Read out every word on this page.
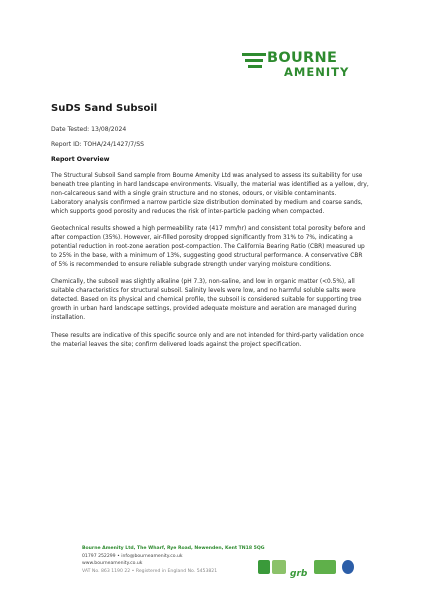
BOURNE
AMENITY
SuDS Sand Subsoil
Date Tested: 13/08/2024
Report ID: TOHA/24/1427/7/SS
Report Overview

The Structural Subsoil Sand sample from Bourne Amenity Ltd was analysed to assess its suitability for use beneath tree planting in hard landscape environments. Visually, the material was identified as a yellow, dry, non-calcareous sand with a single grain structure and no stones, odours, or visible contaminants. Laboratory analysis confirmed a narrow particle size distribution dominated by medium and coarse sands, which supports good porosity and reduces the risk of inter-particle packing when compacted.

Geotechnical results showed a high permeability rate (417 mm/hr) and consistent total porosity before and after compaction (35%). However, air-filled porosity dropped significantly from 31% to 7%, indicating a potential reduction in root-zone aeration post-compaction. The California Bearing Ratio (CBR) measured up to 25% in the base, with a minimum of 13%, suggesting good structural performance. A conservative CBR of 5% is recommended to ensure reliable subgrade strength under varying moisture conditions.

Chemically, the subsoil was slightly alkaline (pH 7.3), non-saline, and low in organic matter (<0.5%), all suitable characteristics for structural subsoil. Salinity levels were low, and no harmful soluble salts were detected. Based on its physical and chemical profile, the subsoil is considered suitable for supporting tree growth in urban hard landscape settings, provided adequate moisture and aeration are managed during installation.

These results are indicative of this specific source only and are not intended for third-party validation once the material leaves the site; confirm delivered loads against the project specification.

Bourne Amenity Ltd, The Wharf, Rye Road, Newenden, Kent TN18 5QG
01797 252299 • info@bourneamenity.co.uk
www.bourneamenity.co.uk
VAT No. 863 1190 22 • Registered in England No. 5453821	grb
